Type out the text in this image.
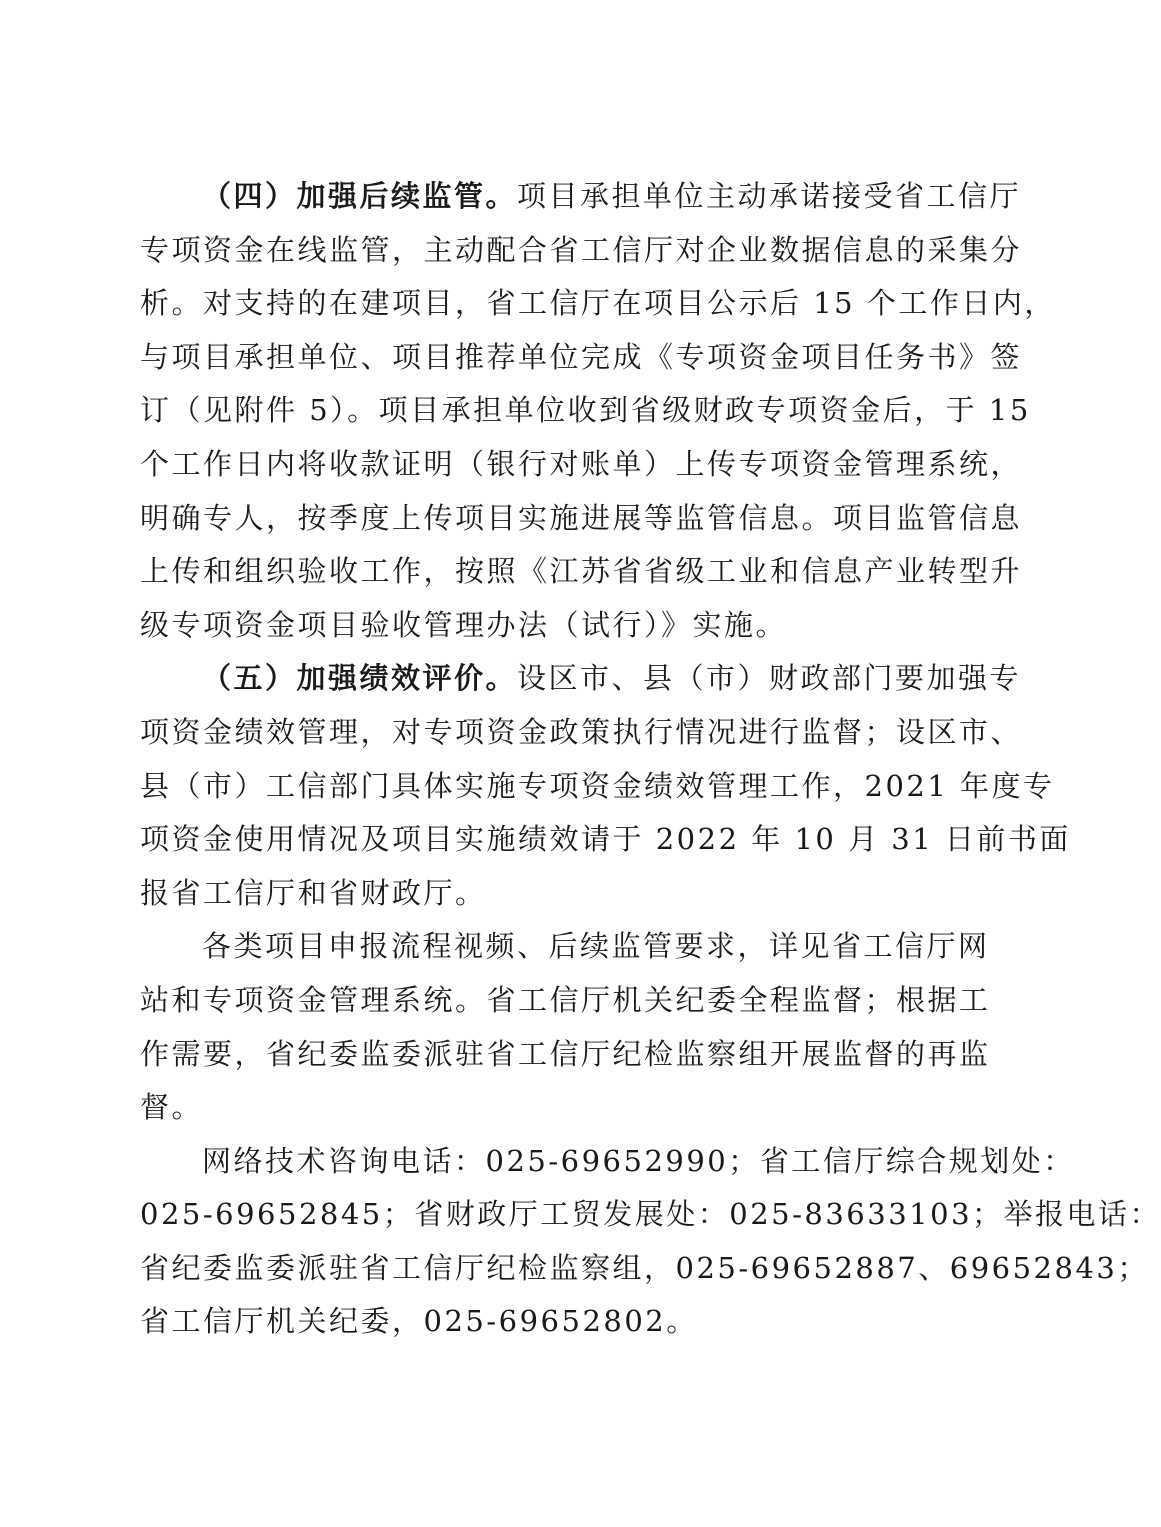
（四）加强后续监管。项目承担单位主动承诺接受省工信厅
专项资金在线监管，主动配合省工信厅对企业数据信息的采集分
析。对支持的在建项目，省工信厅在项目公示后 15 个工作日内，
与项目承担单位、项目推荐单位完成《专项资金项目任务书》签
订（见附件 5）。项目承担单位收到省级财政专项资金后，于 15
个工作日内将收款证明（银行对账单）上传专项资金管理系统，
明确专人，按季度上传项目实施进展等监管信息。项目监管信息
上传和组织验收工作，按照《江苏省省级工业和信息产业转型升
级专项资金项目验收管理办法（试行）》实施。
（五）加强绩效评价。设区市、县（市）财政部门要加强专
项资金绩效管理，对专项资金政策执行情况进行监督；设区市、
县（市）工信部门具体实施专项资金绩效管理工作，2021 年度专
项资金使用情况及项目实施绩效请于 2022 年 10 月 31 日前书面
报省工信厅和省财政厅。
各类项目申报流程视频、后续监管要求，详见省工信厅网
站和专项资金管理系统。省工信厅机关纪委全程监督；根据工
作需要，省纪委监委派驻省工信厅纪检监察组开展监督的再监
督。
网络技术咨询电话：025-69652990；省工信厅综合规划处：
025-69652845；省财政厅工贸发展处：025-83633103；举报电话：
省纪委监委派驻省工信厅纪检监察组，025-69652887、69652843；
省工信厅机关纪委，025-69652802。
